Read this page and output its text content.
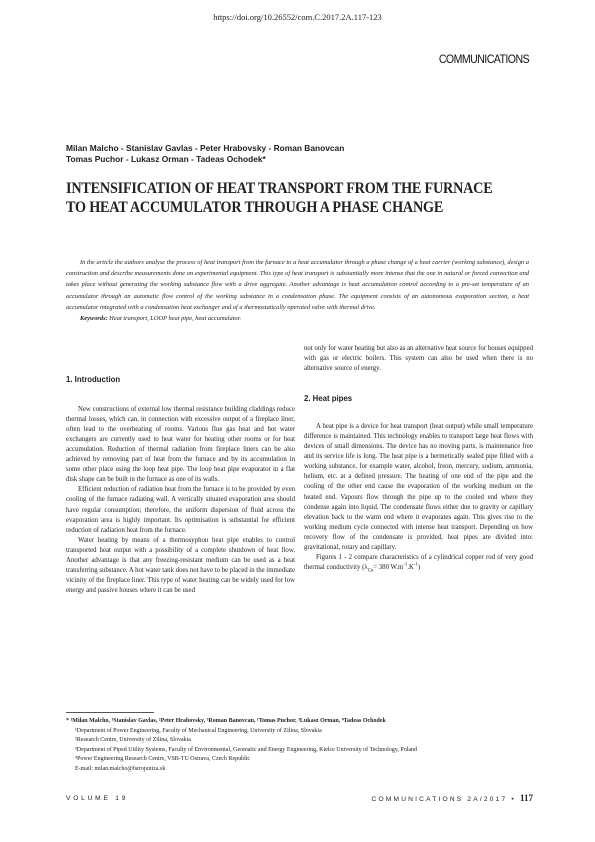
https://doi.org/10.26552/com.C.2017.2A.117-123
COMMUNICATIONS
Milan Malcho - Stanislav Gavlas - Peter Hrabovsky - Roman Banovcan
Tomas Puchor - Lukasz Orman - Tadeas Ochodek*
INTENSIFICATION OF HEAT TRANSPORT FROM THE FURNACE
TO HEAT ACCUMULATOR THROUGH A PHASE CHANGE

In the article the authors analyse the process of heat transport from the furnace to a heat accumulator through a phase change of a heat carrier (working substance), design a construction and describe measurements done on experimental equipment. This type of heat transport is substantially more intense that the one in natural or forced convection and takes place without generating the working substance flow with a drive aggregate. Another advantage is heat accumulation control according to a pre-set temperature of an accumulator through an automatic flow control of the working substance in a condensation phase. The equipment consists of an autonomous evaporation section, a heat accumulator integrated with a condensation heat exchanger and of a thermostatically operated valve with thermal drive.

Keywords: Heat transport, LOOP heat pipe, heat accumulator.

1. Introduction

New constructions of external low thermal resistance building claddings reduce thermal losses, which can, in connection with excessive output of a fireplace liner, often lead to the overheating of rooms. Various flue gas heat and hot water exchangers are currently used to heat water for heating other rooms or for heat accumulation. Reduction of thermal radiation from fireplace liners can be also achieved by removing part of heat from the furnace and by its accumulation in some other place using the loop heat pipe. The loop heat pipe evaporator in a flat disk shape can be built in the furnace as one of its walls.

Efficient reduction of radiation heat from the furnace is to be provided by even cooling of the furnace radiating wall. A vertically situated evaporation area should have regular consumption; therefore, the uniform dispersion of fluid across the evaporation area is highly important. Its optimisation is substantial for efficient reduction of radiation heat from the furnace.

Water heating by means of a thermosyphon heat pipe enables to control transported heat output with a possibility of a complete shutdown of heat flow. Another advantage is that any freezing-resistant medium can be used as a heat transferring substance. A hot water tank does not have to be placed in the immediate vicinity of the fireplace liner. This type of water heating can be widely used for low energy and passive houses where it can be used

not only for water heating but also as an alternative heat source for houses equipped with gas or electric boilers. This system can also be used when there is no alternative source of energy.

2. Heat pipes

A heat pipe is a device for heat transport (heat output) while small temperature difference is maintained. This technology enables to transport large heat flows with devices of small dimensions. The device has no moving parts, is maintenance free and its service life is long. The heat pipe is a hermetically sealed pipe filled with a working substance, for example water, alcohol, freon, mercury, sodium, ammonia, helium, etc. at a defined pressure. The heating of one end of the pipe and the cooling of the other end cause the evaporation of the working medium on the heated end. Vapours flow through the pipe up to the cooled end where they condense again into liquid. The condensate flows either due to gravity or capillary elevation back to the warm end where it evaporates again. This gives rise to the working medium cycle connected with intense heat transport. Depending on how recovery flow of the condensate is provided, heat pipes are divided into: gravitational, rotary and capillary.

Figures 1 - 2 compare characteristics of a cylindrical copper rod of very good thermal conductivity ($\lambda_{Cu}= 380$ $W.m^{-1}.K^{-1}$)

* ¹Milan Malcho, ¹Stanislav Gavlas, ²Peter Hrabovsky, ³Roman Banovcan, ¹Tomas Puchor, ³Lukasz Orman, ⁴Tadeas Ochodek
¹Department of Power Engineering, Faculty of Mechanical Engineering, University of Zilina, Slovakia
²Research Centre, University of Zilina, Slovakia
³Department of Piped Utility Systems, Faculty of Environmental, Geomatic and Energy Engineering, Kielce University of Technology, Poland
⁴Power Engineering Research Centre, VSB-TU Ostrava, Czech Republic
E-mail: milan.malcho@fstrojuniza.sk
VOLUME 19	COMMUNICATIONS 2A/2017 • 117
